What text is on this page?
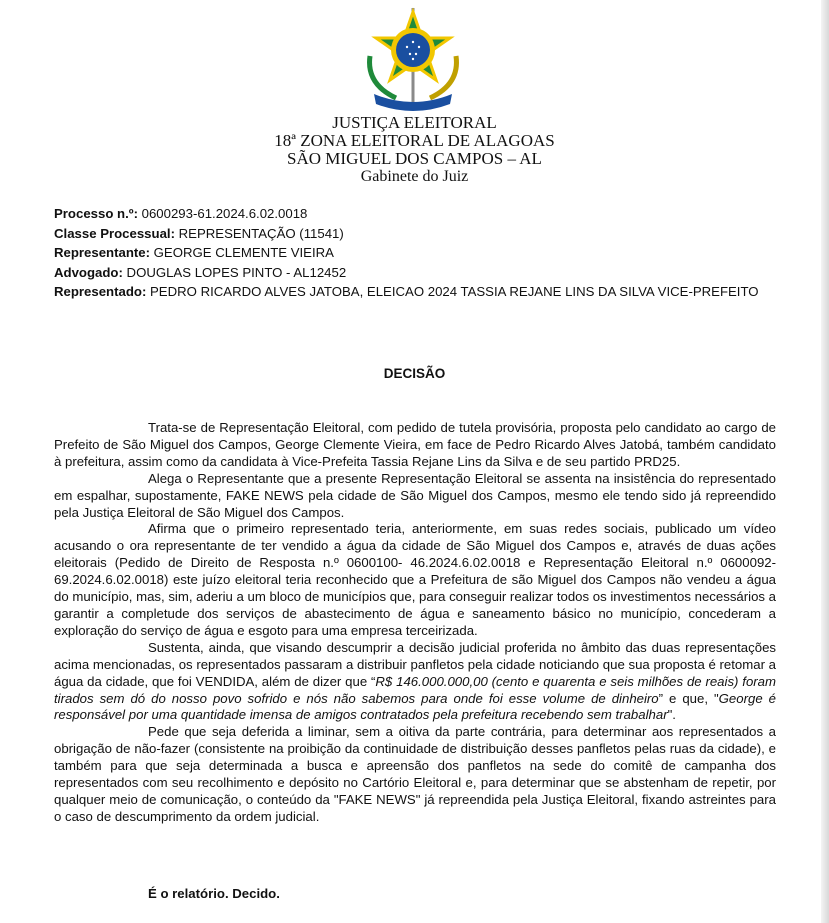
JUSTIÇA ELEITORAL
18ª ZONA ELEITORAL DE ALAGOAS
SÃO MIGUEL DOS CAMPOS – AL
Gabinete do Juiz
Processo n.º: 0600293-61.2024.6.02.0018
Classe Processual: REPRESENTAÇÃO (11541)
Representante: GEORGE CLEMENTE VIEIRA
Advogado: DOUGLAS LOPES PINTO - AL12452
Representado: PEDRO RICARDO ALVES JATOBA, ELEICAO 2024 TASSIA REJANE LINS DA SILVA VICE-PREFEITO
DECISÃO

Trata-se de Representação Eleitoral, com pedido de tutela provisória, proposta pelo candidato ao cargo de Prefeito de São Miguel dos Campos, George Clemente Vieira, em face de Pedro Ricardo Alves Jatobá, também candidato à prefeitura, assim como da candidata à Vice-Prefeita Tassia Rejane Lins da Silva e de seu partido PRD25.

Alega o Representante que a presente Representação Eleitoral se assenta na insistência do representado em espalhar, supostamente, FAKE NEWS pela cidade de São Miguel dos Campos, mesmo ele tendo sido já repreendido pela Justiça Eleitoral de São Miguel dos Campos.

Afirma que o primeiro representado teria, anteriormente, em suas redes sociais, publicado um vídeo acusando o ora representante de ter vendido a água da cidade de São Miguel dos Campos e, através de duas ações eleitorais (Pedido de Direito de Resposta n.º 0600100- 46.2024.6.02.0018 e Representação Eleitoral n.º 0600092-69.2024.6.02.0018) este juízo eleitoral teria reconhecido que a Prefeitura de são Miguel dos Campos não vendeu a água do município, mas, sim, aderiu a um bloco de municípios que, para conseguir realizar todos os investimentos necessários a garantir a completude dos serviços de abastecimento de água e saneamento básico no município, concederam a exploração do serviço de água e esgoto para uma empresa terceirizada.

Sustenta, ainda, que visando descumprir a decisão judicial proferida no âmbito das duas representações acima mencionadas, os representados passaram a distribuir panfletos pela cidade noticiando que sua proposta é retomar a água da cidade, que foi VENDIDA, além de dizer que “R$ 146.000.000,00 (cento e quarenta e seis milhões de reais) foram tirados sem dó do nosso povo sofrido e nós não sabemos para onde foi esse volume de dinheiro” e que, "George é responsável por uma quantidade imensa de amigos contratados pela prefeitura recebendo sem trabalhar".

Pede que seja deferida a liminar, sem a oitiva da parte contrária, para determinar aos representados a obrigação de não-fazer (consistente na proibição da continuidade de distribuição desses panfletos pelas ruas da cidade), e também para que seja determinada a busca e apreensão dos panfletos na sede do comitê de campanha dos representados com seu recolhimento e depósito no Cartório Eleitoral e, para determinar que se abstenham de repetir, por qualquer meio de comunicação, o conteúdo da "FAKE NEWS" já repreendida pela Justiça Eleitoral, fixando astreintes para o caso de descumprimento da ordem judicial.

É o relatório. Decido.
